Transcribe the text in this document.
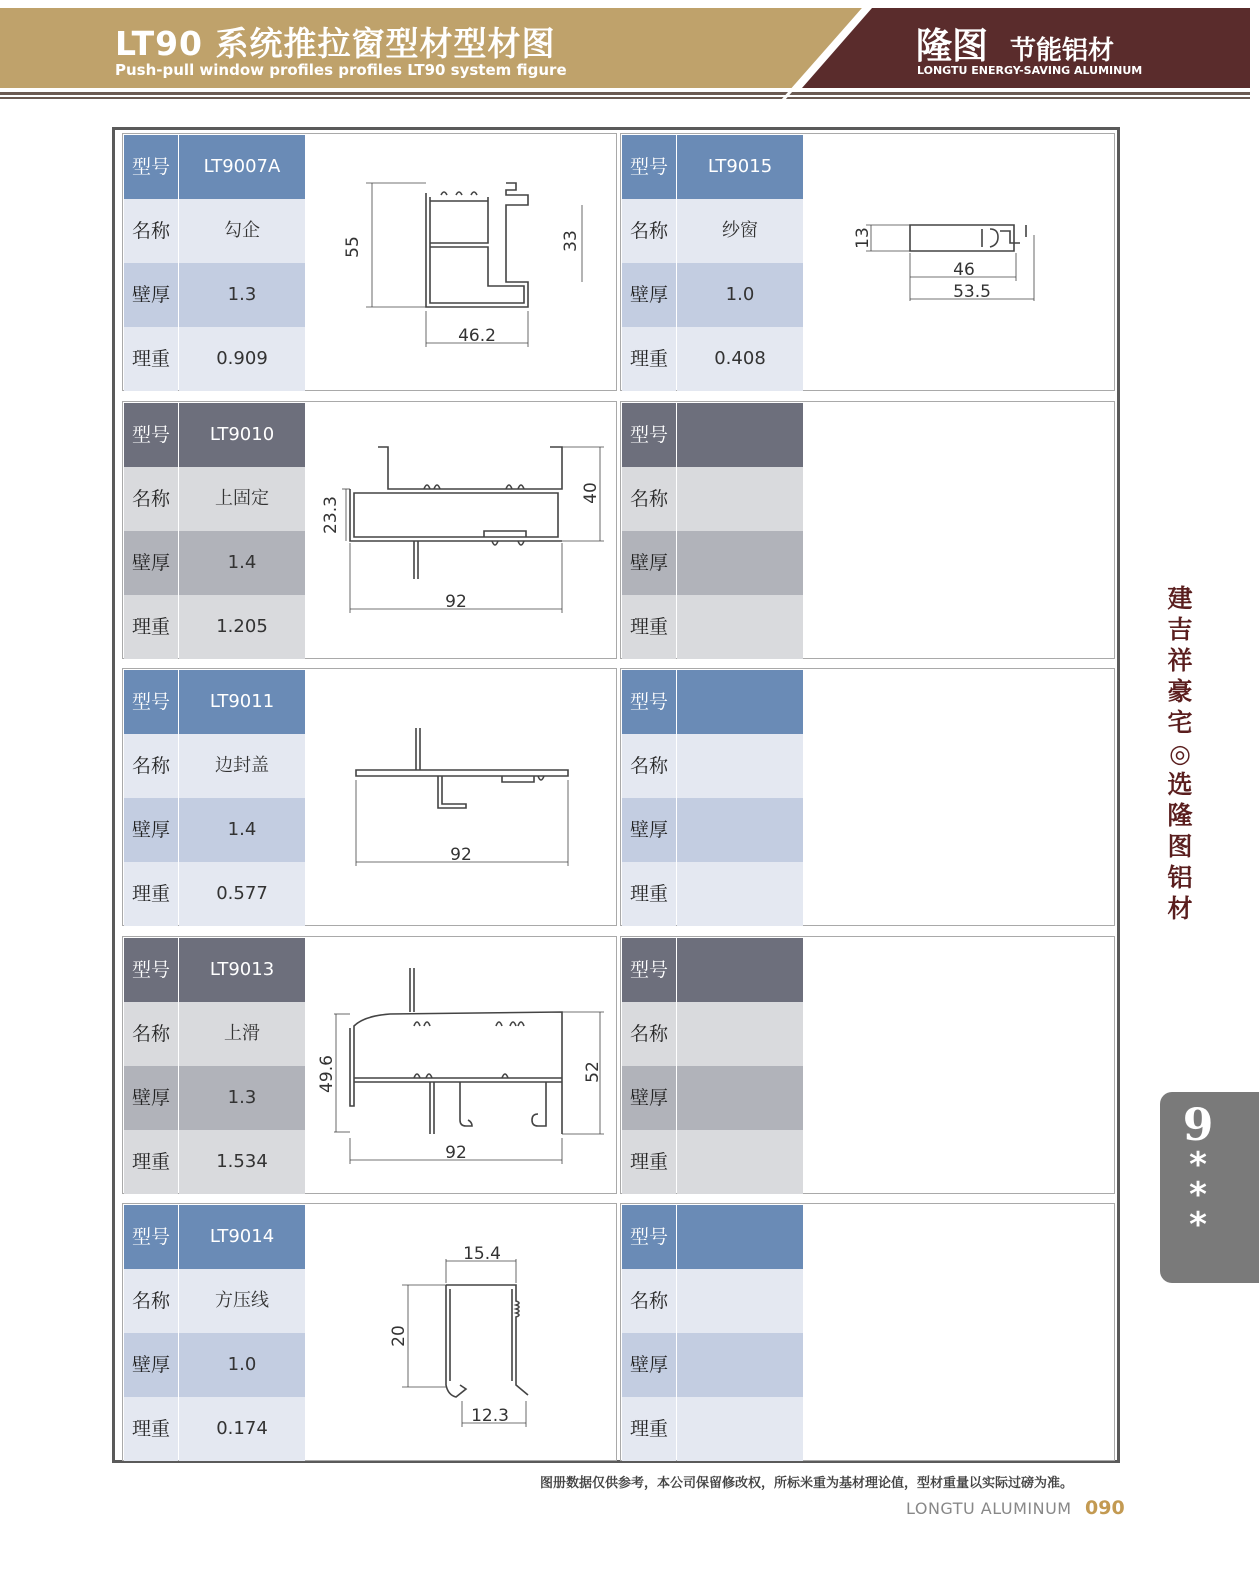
LT90 系统推拉窗型材型材图
Push-pull window profiles profiles LT90 system figure
隆图 节能铝材
LONGTU ENERGY-SAVING ALUMINUM
型号	LT9007A
名称	勾企
壁厚	1.3
理重	0.909
55	33
46.2
型号	LT9015
名称	纱窗
壁厚	1.0
理重	0.408
13
46
53.5
型号	LT9010
名称	上固定
壁厚	1.4
理重	1.205
23.3
40
92
型号
名称
壁厚
理重
型号	LT9011
名称	边封盖
壁厚	1.4
理重	0.577
92
型号
名称
壁厚
理重
型号	LT9013
名称	上滑
壁厚	1.3
理重	1.534
49.6	52
92
型号
名称
壁厚
理重
型号	LT9014
名称	方压线
壁厚	1.0
理重	0.174
15.4
20
12.3
型号
名称
壁厚
理重
建
吉
祥
豪
宅
◎
选
隆
图
铝
材
9
*
*
*
图册数据仅供参考，本公司保留修改权，所标米重为基材理论值，型材重量以实际过磅为准。
LONGTU ALUMINUM 090
